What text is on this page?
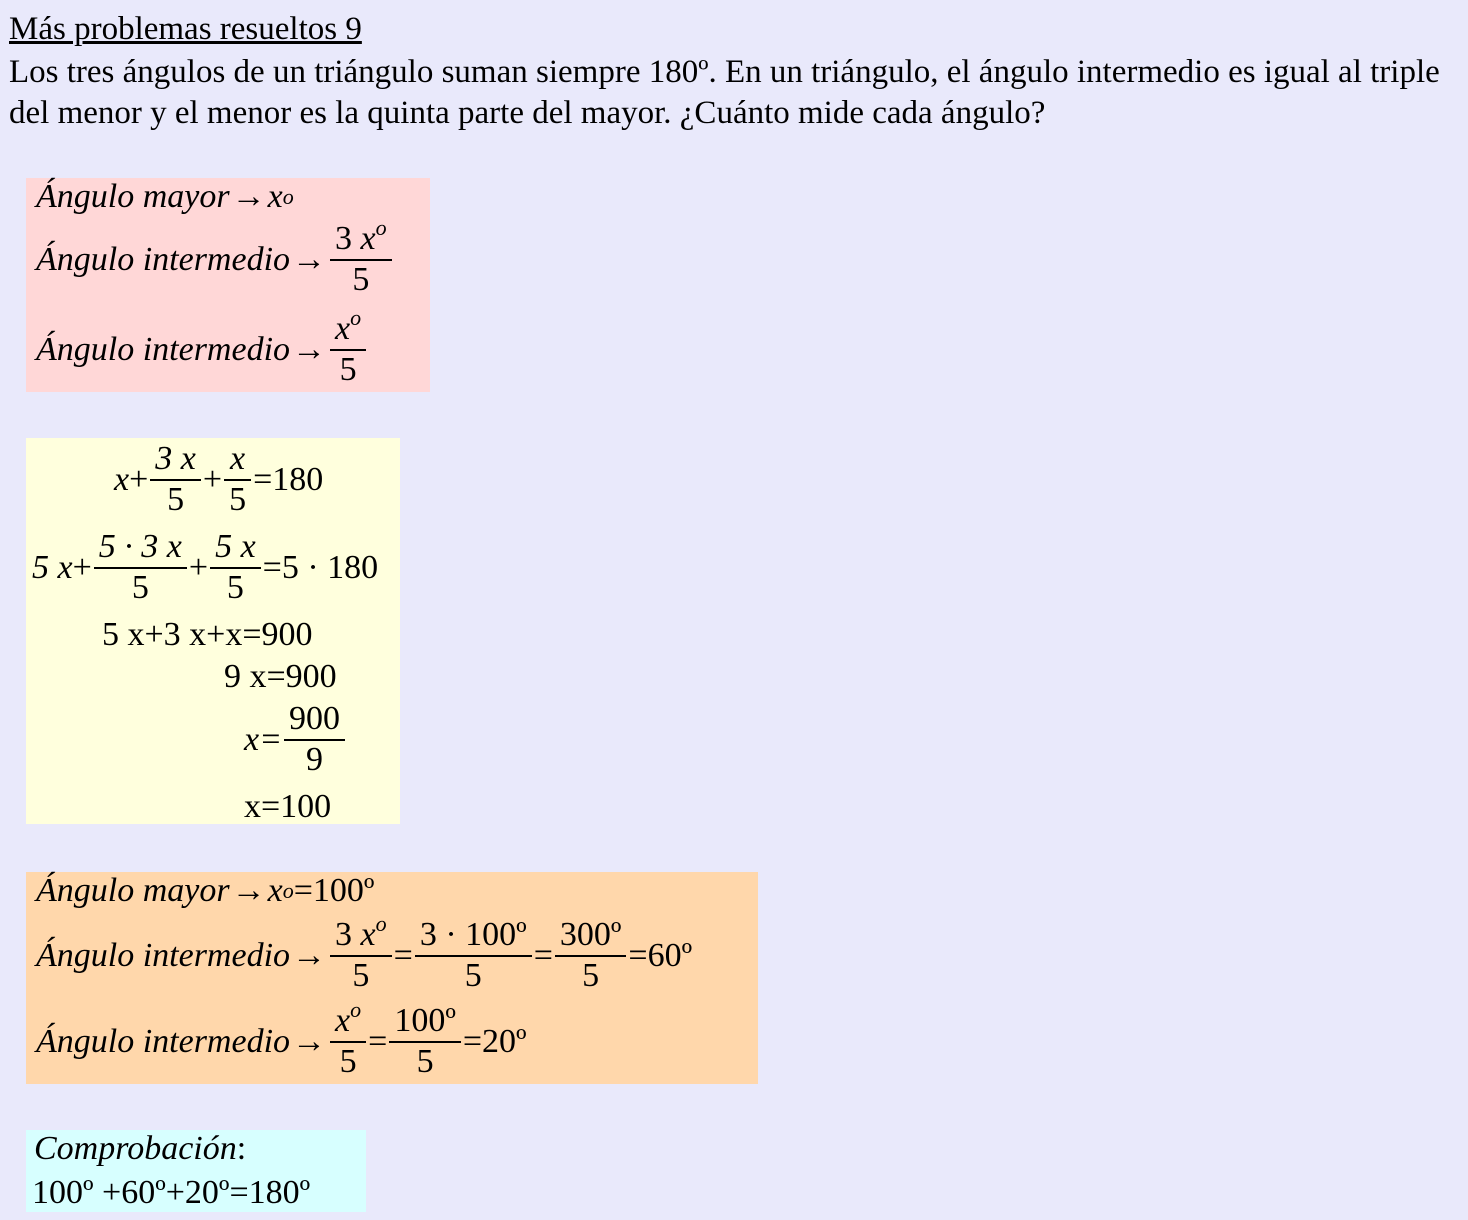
Más problemas resueltos 9
Los tres ángulos de un triángulo suman siempre 180º. En un triángulo, el ángulo intermedio es igual al triple del menor y el menor es la quinta parte del mayor. ¿Cuánto mide cada ángulo?
Ángulo mayor → x o
Ángulo intermedio → $\frac{3 x^o}{5}$
Ángulo intermedio → $\frac{x^o}{5}$
$x + \frac{3 x}{5} + \frac{x}{5} =180$
5 $x + \frac{5 \cdot 3 x}{5} + \frac{5 x}{5} =5 \cdot 180$
5 x+3 x+x=900
9 x=900
$x= \frac{900}{9}$
x=100
Ángulo mayor → x o =100º
Ángulo intermedio → $\frac{3 x^o}{5} = \frac{\text{3 · 100º}}{5} = \frac{\text{300º}}{5}$ =60º
Ángulo intermedio → $\frac{x^o}{5} = \frac{\text{100º}}{5}$ =20º
Comprobación :
100º +60º+20º=180º
